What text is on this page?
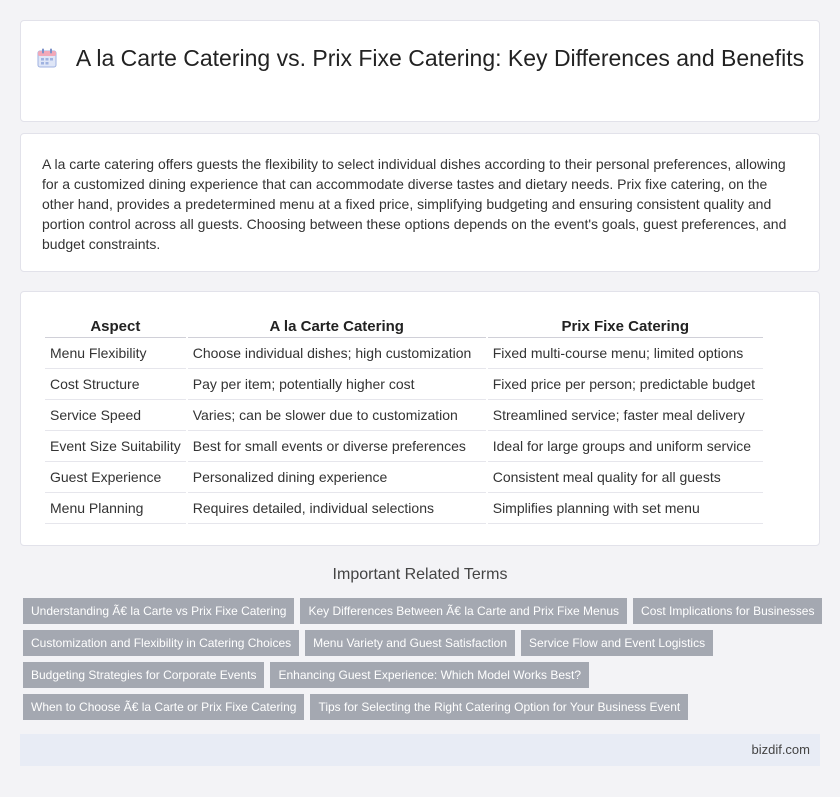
A la Carte Catering vs. Prix Fixe Catering: Key Differences and Benefits
A la carte catering offers guests the flexibility to select individual dishes according to their personal preferences, allowing for a customized dining experience that can accommodate diverse tastes and dietary needs. Prix fixe catering, on the other hand, provides a predetermined menu at a fixed price, simplifying budgeting and ensuring consistent quality and portion control across all guests. Choosing between these options depends on the event's goals, guest preferences, and budget constraints.
Aspect	A la Carte Catering	Prix Fixe Catering
Menu Flexibility	Choose individual dishes; high customization	Fixed multi-course menu; limited options
Cost Structure	Pay per item; potentially higher cost	Fixed price per person; predictable budget
Service Speed	Varies; can be slower due to customization	Streamlined service; faster meal delivery
Event Size Suitability	Best for small events or diverse preferences	Ideal for large groups and uniform service
Guest Experience	Personalized dining experience	Consistent meal quality for all guests
Menu Planning	Requires detailed, individual selections	Simplifies planning with set menu
Important Related Terms
Understanding Ã€ la Carte vs Prix Fixe Catering	Key Differences Between Ã€ la Carte and Prix Fixe Menus	Cost Implications for Businesses
Customization and Flexibility in Catering Choices	Menu Variety and Guest Satisfaction	Service Flow and Event Logistics
Budgeting Strategies for Corporate Events	Enhancing Guest Experience: Which Model Works Best?
When to Choose Ã€ la Carte or Prix Fixe Catering	Tips for Selecting the Right Catering Option for Your Business Event
bizdif.com
